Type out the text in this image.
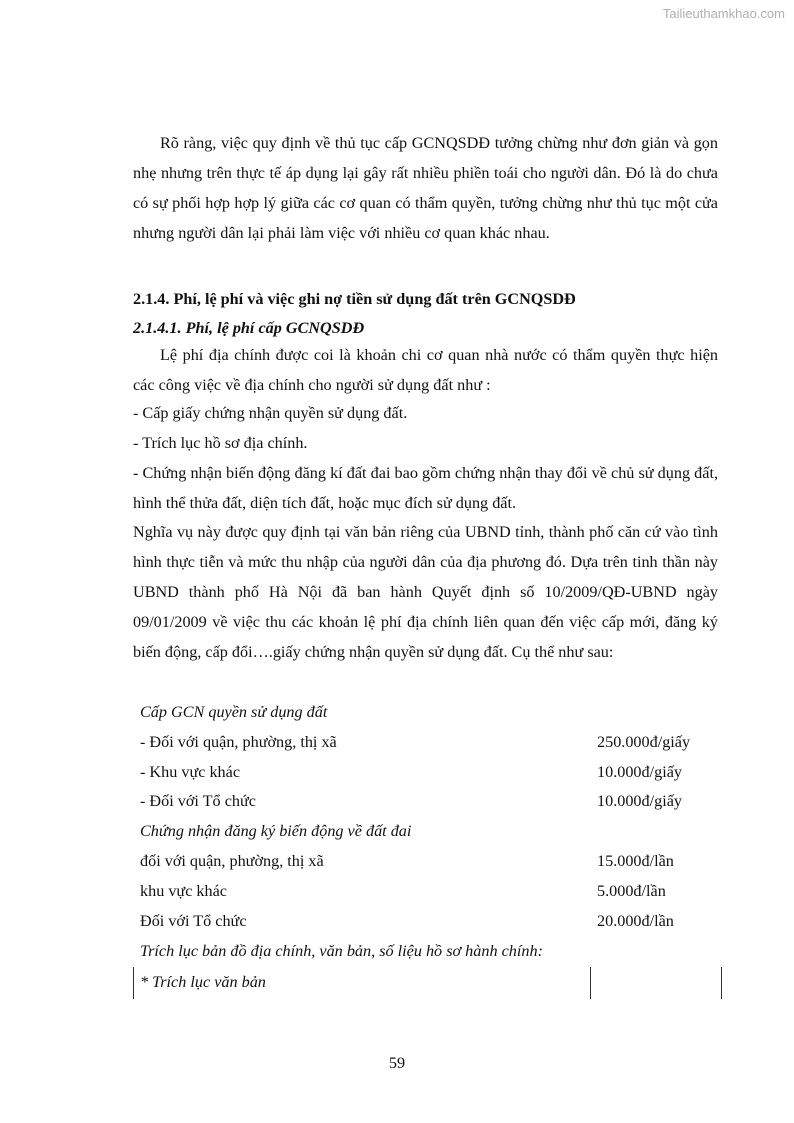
Tailieuthamkhao.com

Rõ ràng, việc quy định về thủ tục cấp GCNQSDĐ tưởng chừng như đơn giản và gọn nhẹ nhưng trên thực tế áp dụng lại gây rất nhiều phiền toái cho người dân. Đó là do chưa có sự phối hợp hợp lý giữa các cơ quan có thẩm quyền, tưởng chừng như thủ tục một cửa nhưng người dân lại phải làm việc với nhiều cơ quan khác nhau.

2.1.4. Phí, lệ phí và việc ghi nợ tiền sử dụng đất trên GCNQSDĐ
2.1.4.1. Phí, lệ phí cấp GCNQSDĐ

Lệ phí địa chính được coi là khoản chi cơ quan nhà nước có thẩm quyền thực hiện các công việc về địa chính cho người sử dụng đất như :

- Cấp giấy chứng nhận quyền sử dụng đất.
- Trích lục hồ sơ địa chính.

- Chứng nhận biến động đăng kí đất đai bao gồm chứng nhận thay đổi về chủ sử dụng đất, hình thể thửa đất, diện tích đất, hoặc mục đích sử dụng đất.

Nghĩa vụ này được quy định tại văn bản riêng của UBND tỉnh, thành phố căn cứ vào tình hình thực tiễn và mức thu nhập của người dân của địa phương đó. Dựa trên tinh thần này UBND thành phố Hà Nội đã ban hành Quyết định số 10/2009/QĐ-UBND ngày 09/01/2009 về việc thu các khoản lệ phí địa chính liên quan đến việc cấp mới, đăng ký biến động, cấp đổi….giấy chứng nhận quyền sử dụng đất. Cụ thể như sau:

Cấp GCN quyền sử dụng đất
- Đối với quận, phường, thị xã	250.000đ/giấy
- Khu vực khác	10.000đ/giấy
- Đối với Tổ chức	10.000đ/giấy
Chứng nhận đăng ký biến động về đất đai
đối với quận, phường, thị xã	15.000đ/lần
khu vực khác	5.000đ/lần
Đối với Tổ chức	20.000đ/lần
Trích lục bản đồ địa chính, văn bản, số liệu hồ sơ hành chính:
* Trích lục văn bản
59
